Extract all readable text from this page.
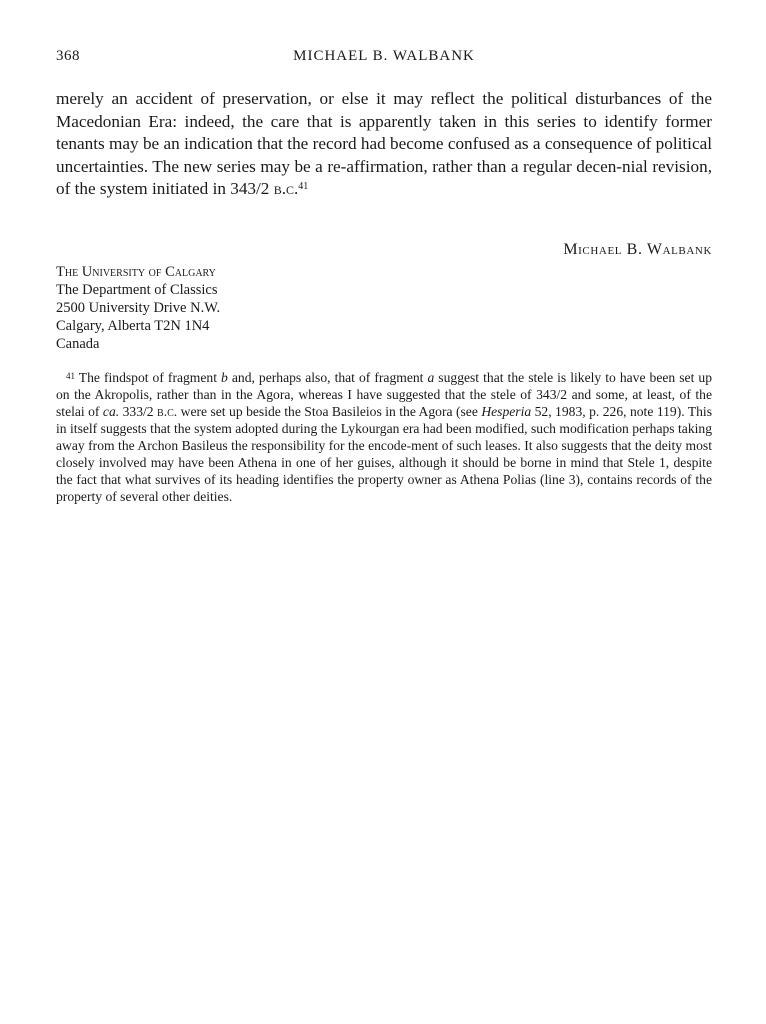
368	MICHAEL B. WALBANK

merely an accident of preservation, or else it may reflect the political disturbances of the Macedonian Era: indeed, the care that is apparently taken in this series to identify former tenants may be an indication that the record had become confused as a consequence of political uncertainties. The new series may be a re-affirmation, rather than a regular decen-nial revision, of the system initiated in 343/2 b.c.$^{41}$

Michael B. Walbank
The University of Calgary
The Department of Classics
2500 University Drive N.W.
Calgary, Alberta T2N 1N4
Canada

$^{41}$ The findspot of fragment b and, perhaps also, that of fragment a suggest that the stele is likely to have been set up on the Akropolis, rather than in the Agora, whereas I have suggested that the stele of 343/2 and some, at least, of the stelai of ca. 333/2 b.c. were set up beside the Stoa Basileios in the Agora (see Hesperia 52, 1983, p. 226, note 119). This in itself suggests that the system adopted during the Lykourgan era had been modified, such modification perhaps taking away from the Archon Basileus the responsibility for the encode-ment of such leases. It also suggests that the deity most closely involved may have been Athena in one of her guises, although it should be borne in mind that Stele 1, despite the fact that what survives of its heading identifies the property owner as Athena Polias (line 3), contains records of the property of several other deities.
